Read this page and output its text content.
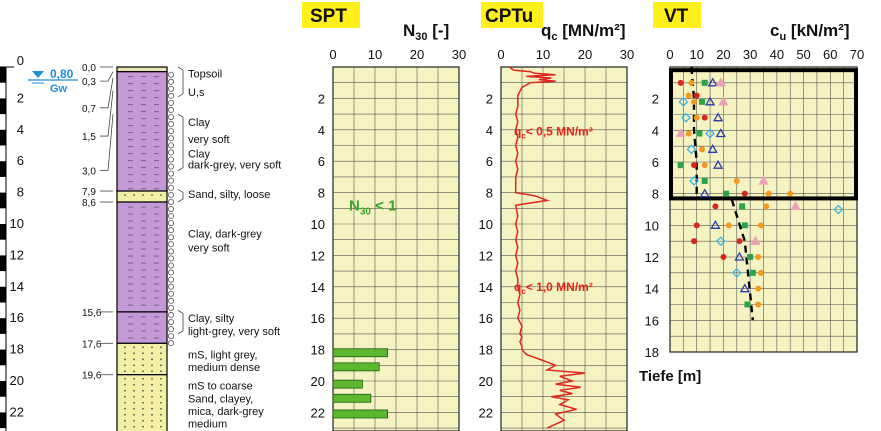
0
2
4
6
8
10
12
14
16
18
20
22
0,80
Gw
0,0
0,3
0,7
1,5
3,0
7,9
8,6
15,6
17,6
19,6
Topsoil
U,s
Clay
very soft
Clay
dark-grey, very soft
Sand, silty, loose
Clay, dark-grey
very soft
Clay, silty
light-grey, very soft
mS, light grey,
medium dense
mS to coarse
Sand, clayey,
mica, dark-grey
medium
SPT
$N_{30}$ [-]
0 10 20 30
2
4
6
8
10
12
14
16
18
20
22
$N_{30} < 1$
CPTu
$q_c$ [MN/m²]
0 10 20 30
2
4
6
8
10
12
14
16
18
20
22
$q_c< 0,5$ MN/m²
$q_c< 1,0$ MN/m²
VT
$c_u$ [kN/m²]
0 10 20 30 40 50 60 70
2
4
6
8
10
12
14
16
18
Tiefe [m]
